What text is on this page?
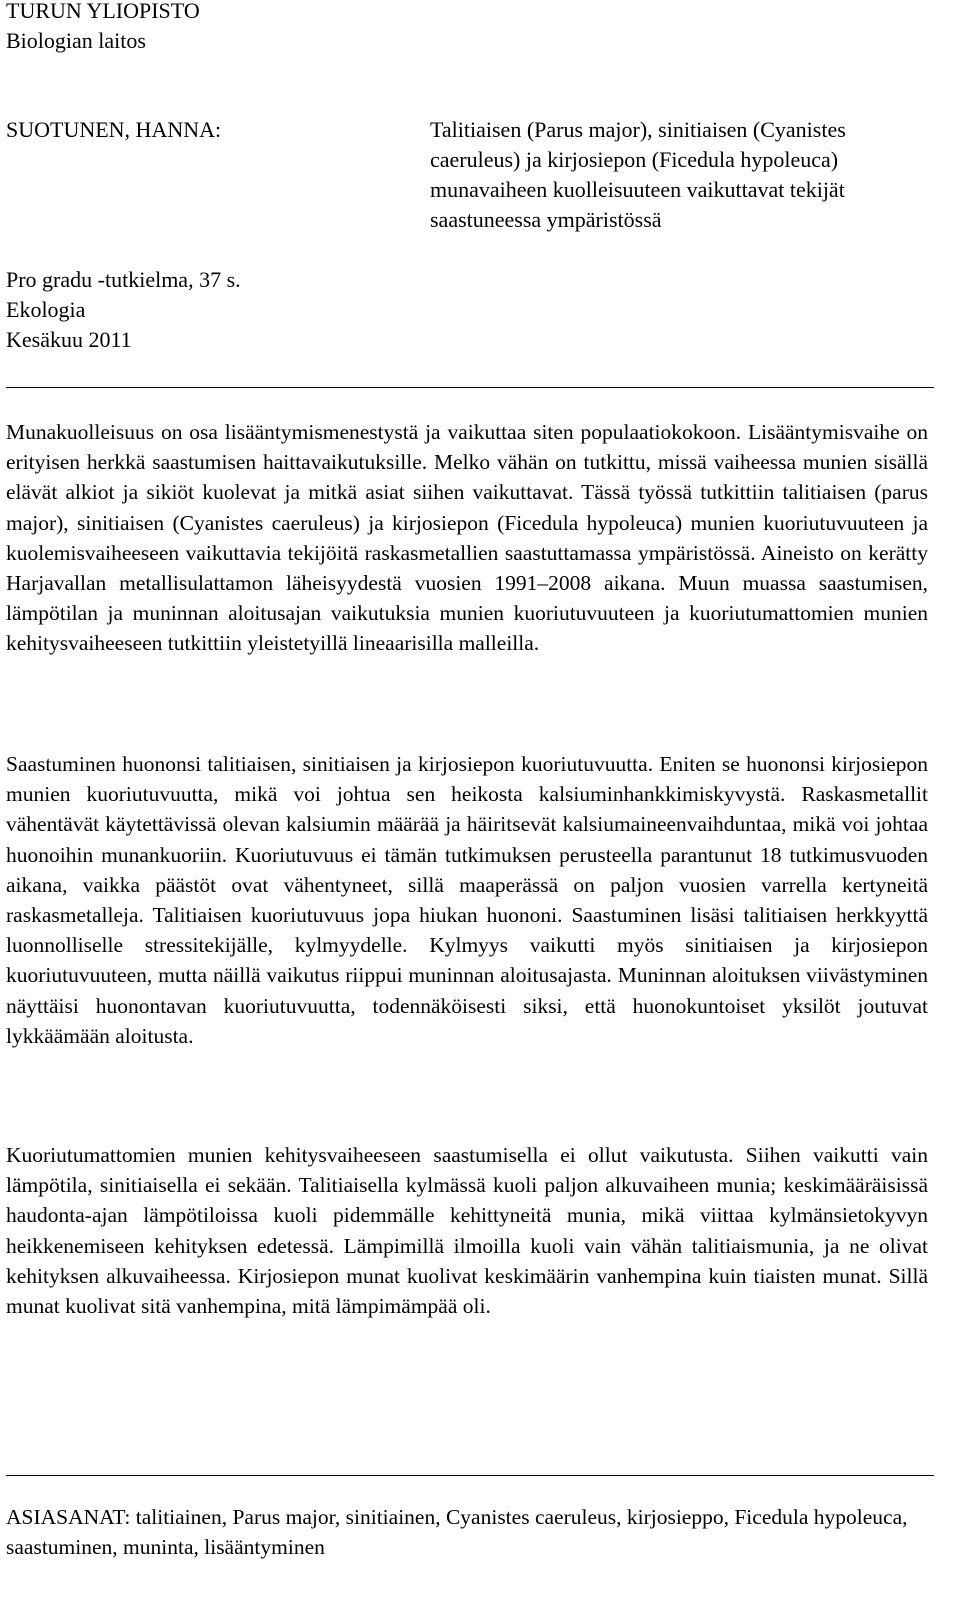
TURUN YLIOPISTO
Biologian laitos
SUOTUNEN, HANNA:	Talitiaisen (Parus major), sinitiaisen (Cyanistes
caeruleus) ja kirjosiepon (Ficedula hypoleuca)
munavaiheen kuolleisuuteen vaikuttavat tekijät
saastuneessa ympäristössä
Pro gradu -tutkielma, 37 s.
Ekologia
Kesäkuu 2011

Munakuolleisuus on osa lisääntymismenestystä ja vaikuttaa siten populaatiokokoon. Lisääntymisvaihe on erityisen herkkä saastumisen haittavaikutuksille. Melko vähän on tutkittu, missä vaiheessa munien sisällä elävät alkiot ja sikiöt kuolevat ja mitkä asiat siihen vaikuttavat. Tässä työssä tutkittiin talitiaisen (parus major), sinitiaisen (Cyanistes caeruleus) ja kirjosiepon (Ficedula hypoleuca) munien kuoriutuvuuteen ja kuolemisvaiheeseen vaikuttavia tekijöitä raskasmetallien saastuttamassa ympäristössä. Aineisto on kerätty Harjavallan metallisulattamon läheisyydestä vuosien 1991–2008 aikana. Muun muassa saastumisen, lämpötilan ja muninnan aloitusajan vaikutuksia munien kuoriutuvuuteen ja kuoriutumattomien munien kehitysvaiheeseen tutkittiin yleistetyillä lineaarisilla malleilla.

Saastuminen huononsi talitiaisen, sinitiaisen ja kirjosiepon kuoriutuvuutta. Eniten se huononsi kirjosiepon munien kuoriutuvuutta, mikä voi johtua sen heikosta kalsiuminhankkimiskyvystä. Raskasmetallit vähentävät käytettävissä olevan kalsiumin määrää ja häiritsevät kalsiumaineenvaihduntaa, mikä voi johtaa huonoihin munankuoriin. Kuoriutuvuus ei tämän tutkimuksen perusteella parantunut 18 tutkimusvuoden aikana, vaikka päästöt ovat vähentyneet, sillä maaperässä on paljon vuosien varrella kertyneitä raskasmetalleja. Talitiaisen kuoriutuvuus jopa hiukan huononi. Saastuminen lisäsi talitiaisen herkkyyttä luonnolliselle stressitekijälle, kylmyydelle. Kylmyys vaikutti myös sinitiaisen ja kirjosiepon kuoriutuvuuteen, mutta näillä vaikutus riippui muninnan aloitusajasta. Muninnan aloituksen viivästyminen näyttäisi huonontavan kuoriutuvuutta, todennäköisesti siksi, että huonokuntoiset yksilöt joutuvat lykkäämään aloitusta.

Kuoriutumattomien munien kehitysvaiheeseen saastumisella ei ollut vaikutusta. Siihen vaikutti vain lämpötila, sinitiaisella ei sekään. Talitiaisella kylmässä kuoli paljon alkuvaiheen munia; keskimääräisissä haudonta-ajan lämpötiloissa kuoli pidemmälle kehittyneitä munia, mikä viittaa kylmänsietokyvyn heikkenemiseen kehityksen edetessä. Lämpimillä ilmoilla kuoli vain vähän talitiaismunia, ja ne olivat kehityksen alkuvaiheessa. Kirjosiepon munat kuolivat keskimäärin vanhempina kuin tiaisten munat. Sillä munat kuolivat sitä vanhempina, mitä lämpimämpää oli.

ASIASANAT: talitiainen, Parus major, sinitiainen, Cyanistes caeruleus, kirjosieppo, Ficedula hypoleuca, saastuminen, muninta, lisääntyminen
